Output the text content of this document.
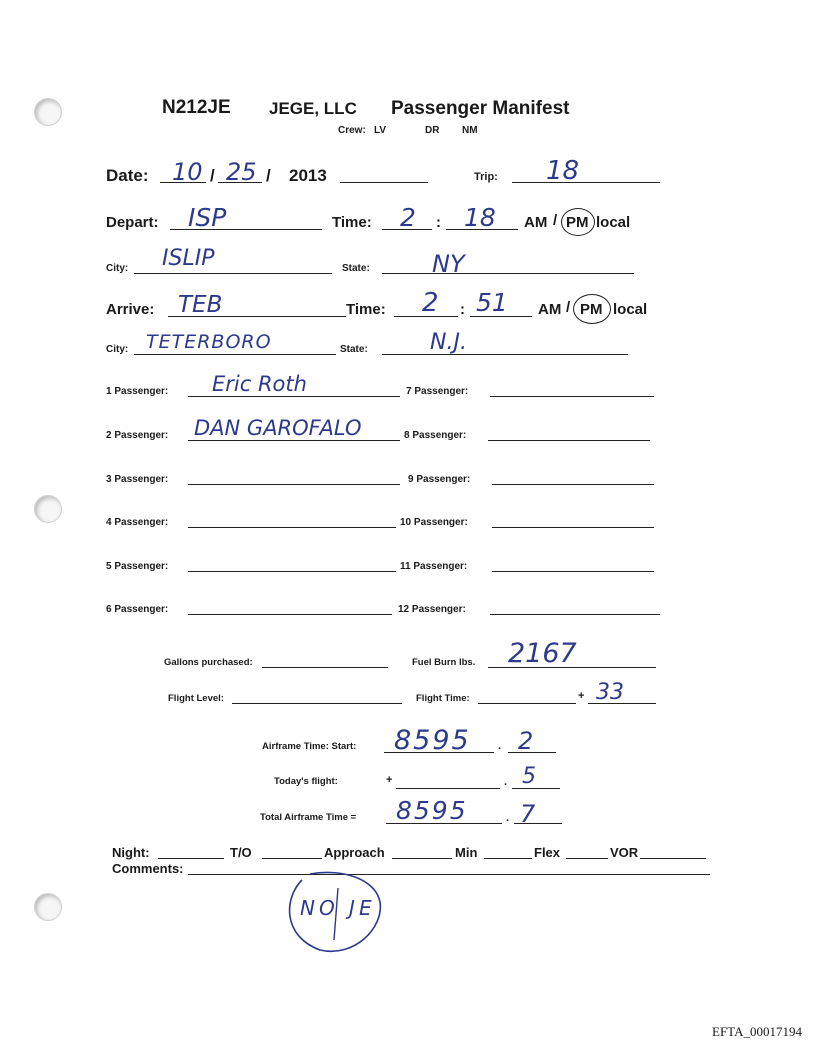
N212JE JEGE, LLC Passenger Manifest
Crew: LV	DR NM
Date: 10 / 25 / 2013	Trip: 18
Depart: ISP	Time: 2 : 18 AM / PM local
City: ISLIP	State:	NY
Arrive: TEB	Time: 2 : 51 AM / PM local
City: TETERBORO	State:	N.J.
1 Passenger: Eric Roth
2 Passenger: DAN GAROFALO
3 Passenger:
4 Passenger:
5 Passenger:
6 Passenger:
7 Passenger:
8 Passenger:
9 Passenger:
10 Passenger:
11 Passenger:
12 Passenger:
Gallons purchased:	Fuel Burn lbs. 2167
Flight Level:	Flight Time:	+ 33
Airframe Time: Start: 8595 . 2
Today's flight:	+	. 5
Total Airframe Time = 8595	. 7
Night:	T/O	Approach	Min	Flex	VOR
Comments:
NO JE
EFTA_00017194
